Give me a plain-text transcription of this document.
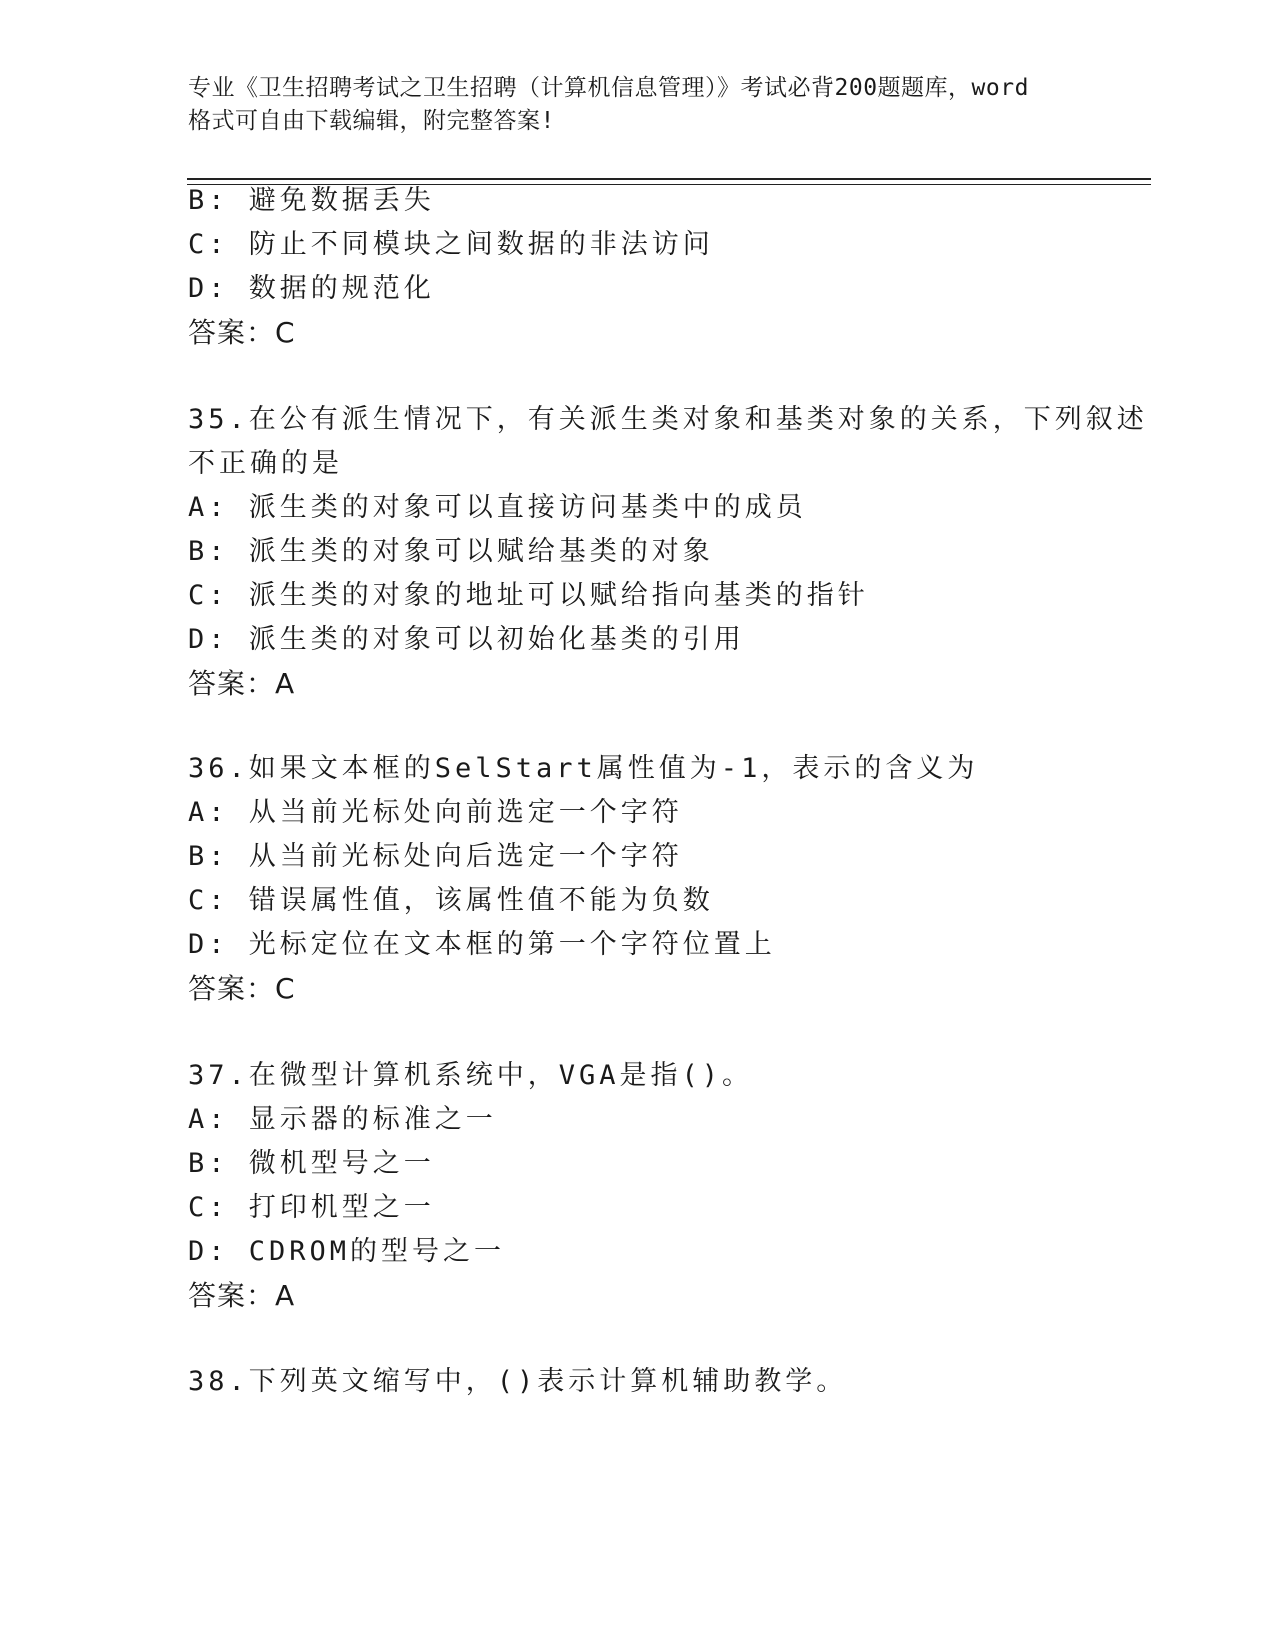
专业《卫生招聘考试之卫生招聘（计算机信息管理）》考试必背200题题库，word
格式可自由下载编辑，附完整答案!
B: 避免数据丢失
C: 防止不同模块之间数据的非法访问
D: 数据的规范化
答案：C
35.在公有派生情况下，有关派生类对象和基类对象的关系，下列叙述
不正确的是
A: 派生类的对象可以直接访问基类中的成员
B: 派生类的对象可以赋给基类的对象
C: 派生类的对象的地址可以赋给指向基类的指针
D: 派生类的对象可以初始化基类的引用
答案：A
36.如果文本框的SelStart属性值为-1，表示的含义为
A: 从当前光标处向前选定一个字符
B: 从当前光标处向后选定一个字符
C: 错误属性值，该属性值不能为负数
D: 光标定位在文本框的第一个字符位置上
答案：C
37.在微型计算机系统中，VGA是指()。
A: 显示器的标准之一
B: 微机型号之一
C: 打印机型之一
D: CDROM的型号之一
答案：A
38.下列英文缩写中，()表示计算机辅助教学。
